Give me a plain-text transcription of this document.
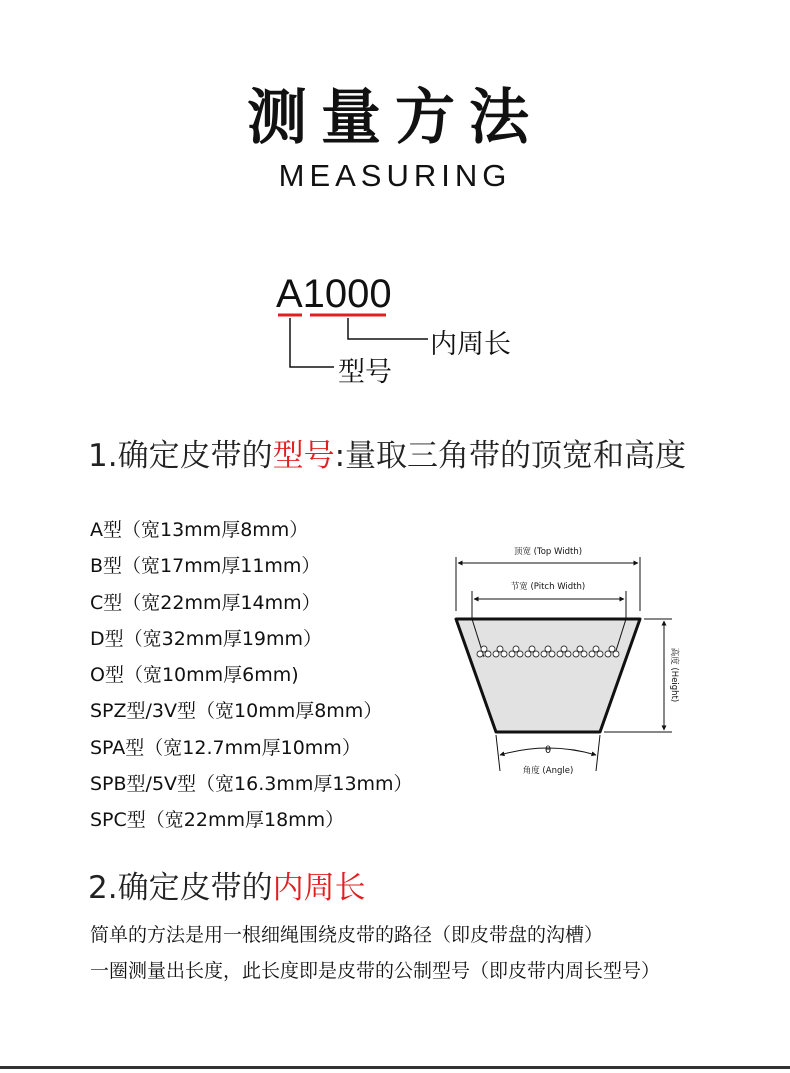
测量方法
MEASURING
A1000
内周长
型号
1.确定皮带的型号:量取三角带的顶宽和高度
A型（宽13mm厚8mm）
B型（宽17mm厚11mm）
C型（宽22mm厚14mm）
D型（宽32mm厚19mm）
O型（宽10mm厚6mm)
SPZ型/3V型（宽10mm厚8mm）
SPA型（宽12.7mm厚10mm）
SPB型/5V型（宽16.3mm厚13mm）
SPC型（宽22mm厚18mm）
顶宽 (Top Width)
节宽 (Pitch Width)
高度 (Height)
θ
角度 (Angle)
2.确定皮带的内周长
简单的方法是用一根细绳围绕皮带的路径（即皮带盘的沟槽）
一圈测量出长度，此长度即是皮带的公制型号（即皮带内周长型号）
